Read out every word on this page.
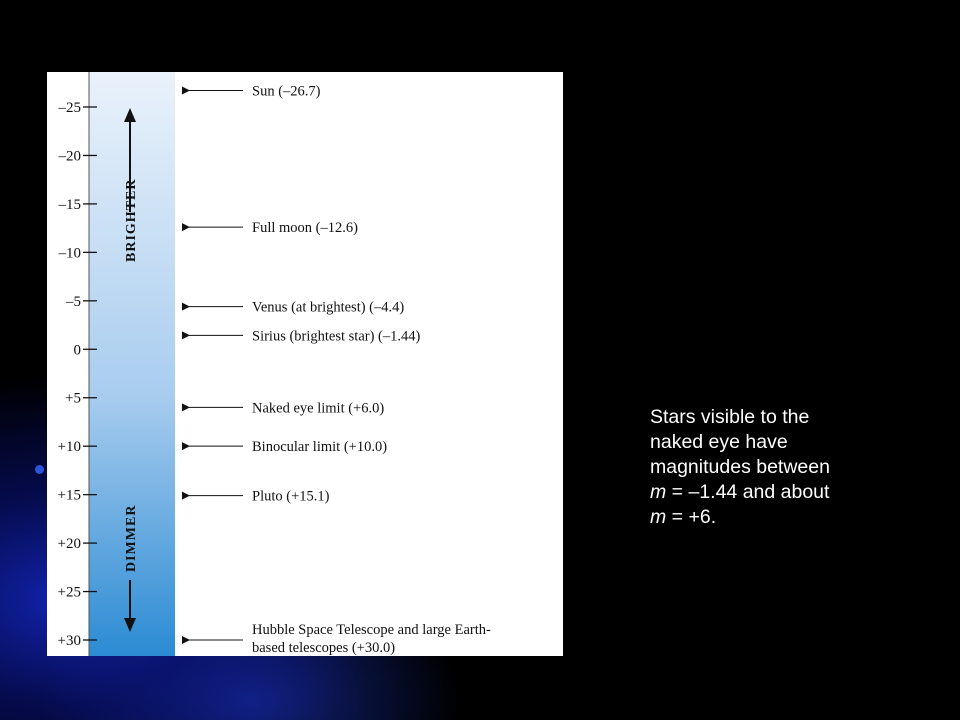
–25
–20
–15
–10
–5
0
+5
+10
+15
+20
+25
+30
Sun (–26.7)
Full moon (–12.6)
Venus (at brightest) (–4.4)
Sirius (brightest star) (–1.44)
Naked eye limit (+6.0)
Binocular limit (+10.0)
Pluto (+15.1)
Hubble Space Telescope and large Earth-
based telescopes (+30.0)
BRIGHTER
DIMMER

Stars visible to the

naked eye have

magnitudes between

m = –1.44 and about

m = +6.
